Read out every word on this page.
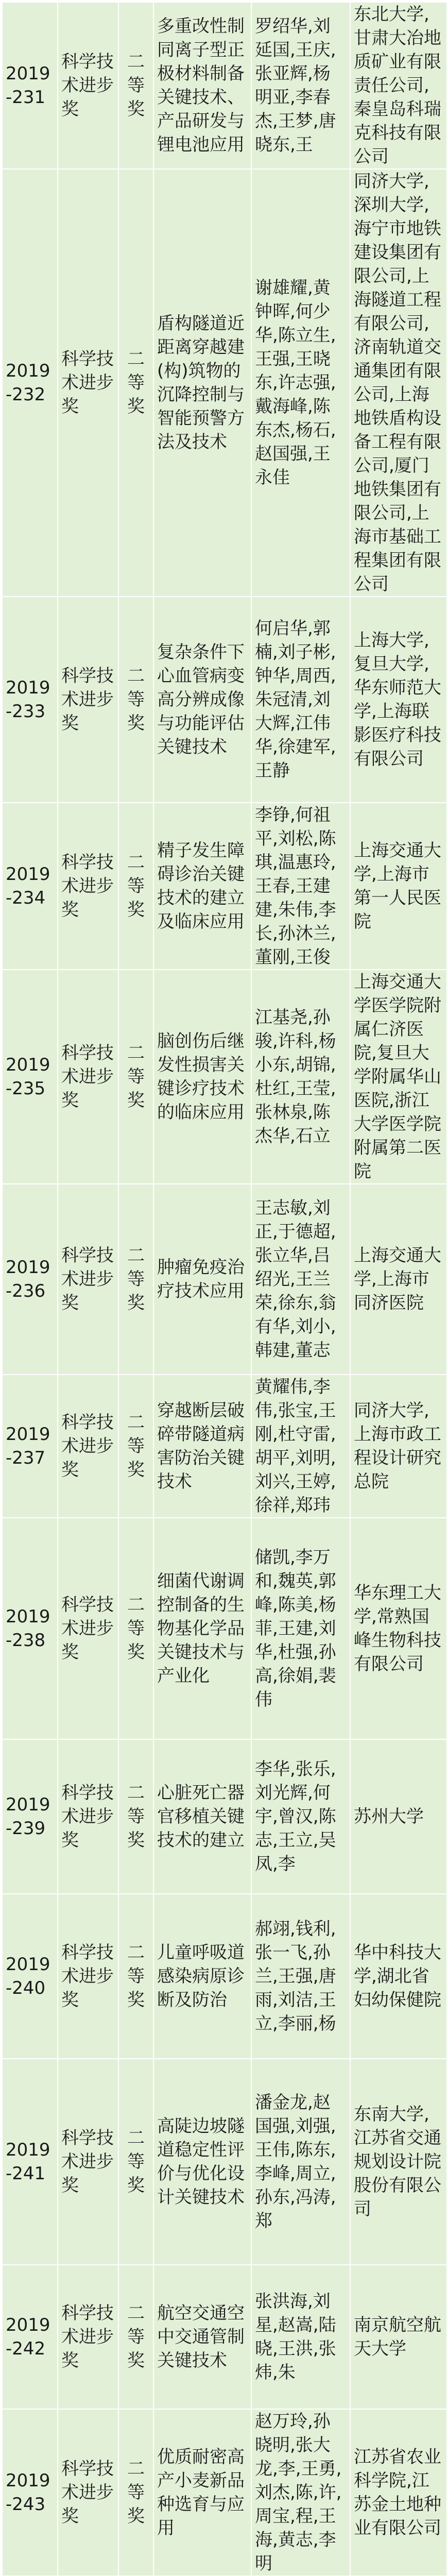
2019-231	科学技术进步奖	二等奖	多重改性制同离子型正极材料制备关键技术、产品研发与锂电池应用	罗绍华,刘延国,王庆,张亚辉,杨明亚,李春杰,王梦,唐晓东,王	东北大学,甘肃大冶地质矿业有限责任公司,秦皇岛科瑞克科技有限公司
2019-232	科学技术进步奖	二等奖	盾构隧道近距离穿越建(构)筑物的沉降控制与智能预警方法及技术	谢雄耀,黄钟晖,何少华,陈立生,王强,王晓东,许志强,戴海峰,陈东杰,杨石,赵国强,王永佳	同济大学,深圳大学,海宁市地铁建设集团有限公司,上海隧道工程有限公司,济南轨道交通集团有限公司,上海地铁盾构设备工程有限公司,厦门地铁集团有限公司,上海市基础工程集团有限公司
2019-233	科学技术进步奖	二等奖	复杂条件下心血管病变高分辨成像与功能评估关键技术	何启华,郭楠,刘子彬,钟华,周西,朱冠清,刘大辉,江伟华,徐建军,王静	上海大学,复旦大学,华东师范大学,上海联影医疗科技有限公司
2019-234	科学技术进步奖	二等奖	精子发生障碍诊治关键技术的建立及临床应用	李铮,何祖平,刘松,陈琪,温惠玲,王春,王建建,朱伟,李长,孙沐兰,董刚,王俊	上海交通大学,上海市第一人民医院
2019-235	科学技术进步奖	二等奖	脑创伤后继发性损害关键诊疗技术的临床应用	江基尧,孙骏,许科,杨小东,胡锦,杜红,王莹,张林泉,陈杰华,石立	上海交通大学医学院附属仁济医院,复旦大学附属华山医院,浙江大学医学院附属第二医院
2019-236	科学技术进步奖	二等奖	肿瘤免疫治疗技术应用	王志敏,刘正,于德超,张立华,吕绍光,王兰荣,徐东,翁有华,刘小,韩建,董志	上海交通大学,上海市同济医院
2019-237	科学技术进步奖	二等奖	穿越断层破碎带隧道病害防治关键技术	黄耀伟,李伟,张宝,王刚,杜守雷,胡平,刘明,刘兴,王婷,徐祥,郑玮	同济大学,上海市政工程设计研究总院
2019-238	科学技术进步奖	二等奖	细菌代谢调控制备的生物基化学品关键技术与产业化	储凯,李万和,魏英,郭峰,陈美,杨菲,王建,刘华,杜强,孙高,徐娟,裴伟	华东理工大学,常熟国峰生物科技有限公司
2019-239	科学技术进步奖	二等奖	心脏死亡器官移植关键技术的建立	李华,张乐,刘光辉,何宇,曾汉,陈志,王立,吴凤,李	苏州大学
2019-240	科学技术进步奖	二等奖	儿童呼吸道感染病原诊断及防治	郝翊,钱利,张一飞,孙兰,王强,唐雨,刘洁,王立,李丽,杨	华中科技大学,湖北省妇幼保健院
2019-241	科学技术进步奖	二等奖	高陡边坡隧道稳定性评价与优化设计关键技术	潘金龙,赵国强,刘强,王伟,陈东,李峰,周立,孙东,冯涛,郑	东南大学,江苏省交通规划设计院股份有限公司
2019-242	科学技术进步奖	二等奖	航空交通空中交通管制关键技术	张洪海,刘星,赵嵩,陆晓,王洪,张炜,朱	南京航空航天大学
2019-243	科学技术进步奖	二等奖	优质耐密高产小麦新品种选育与应用	赵万玲,孙晓明,张大龙,李,王勇,刘杰,陈,许,周宝,程,王海,黄志,李明	江苏省农业科学院,江苏金土地种业有限公司
